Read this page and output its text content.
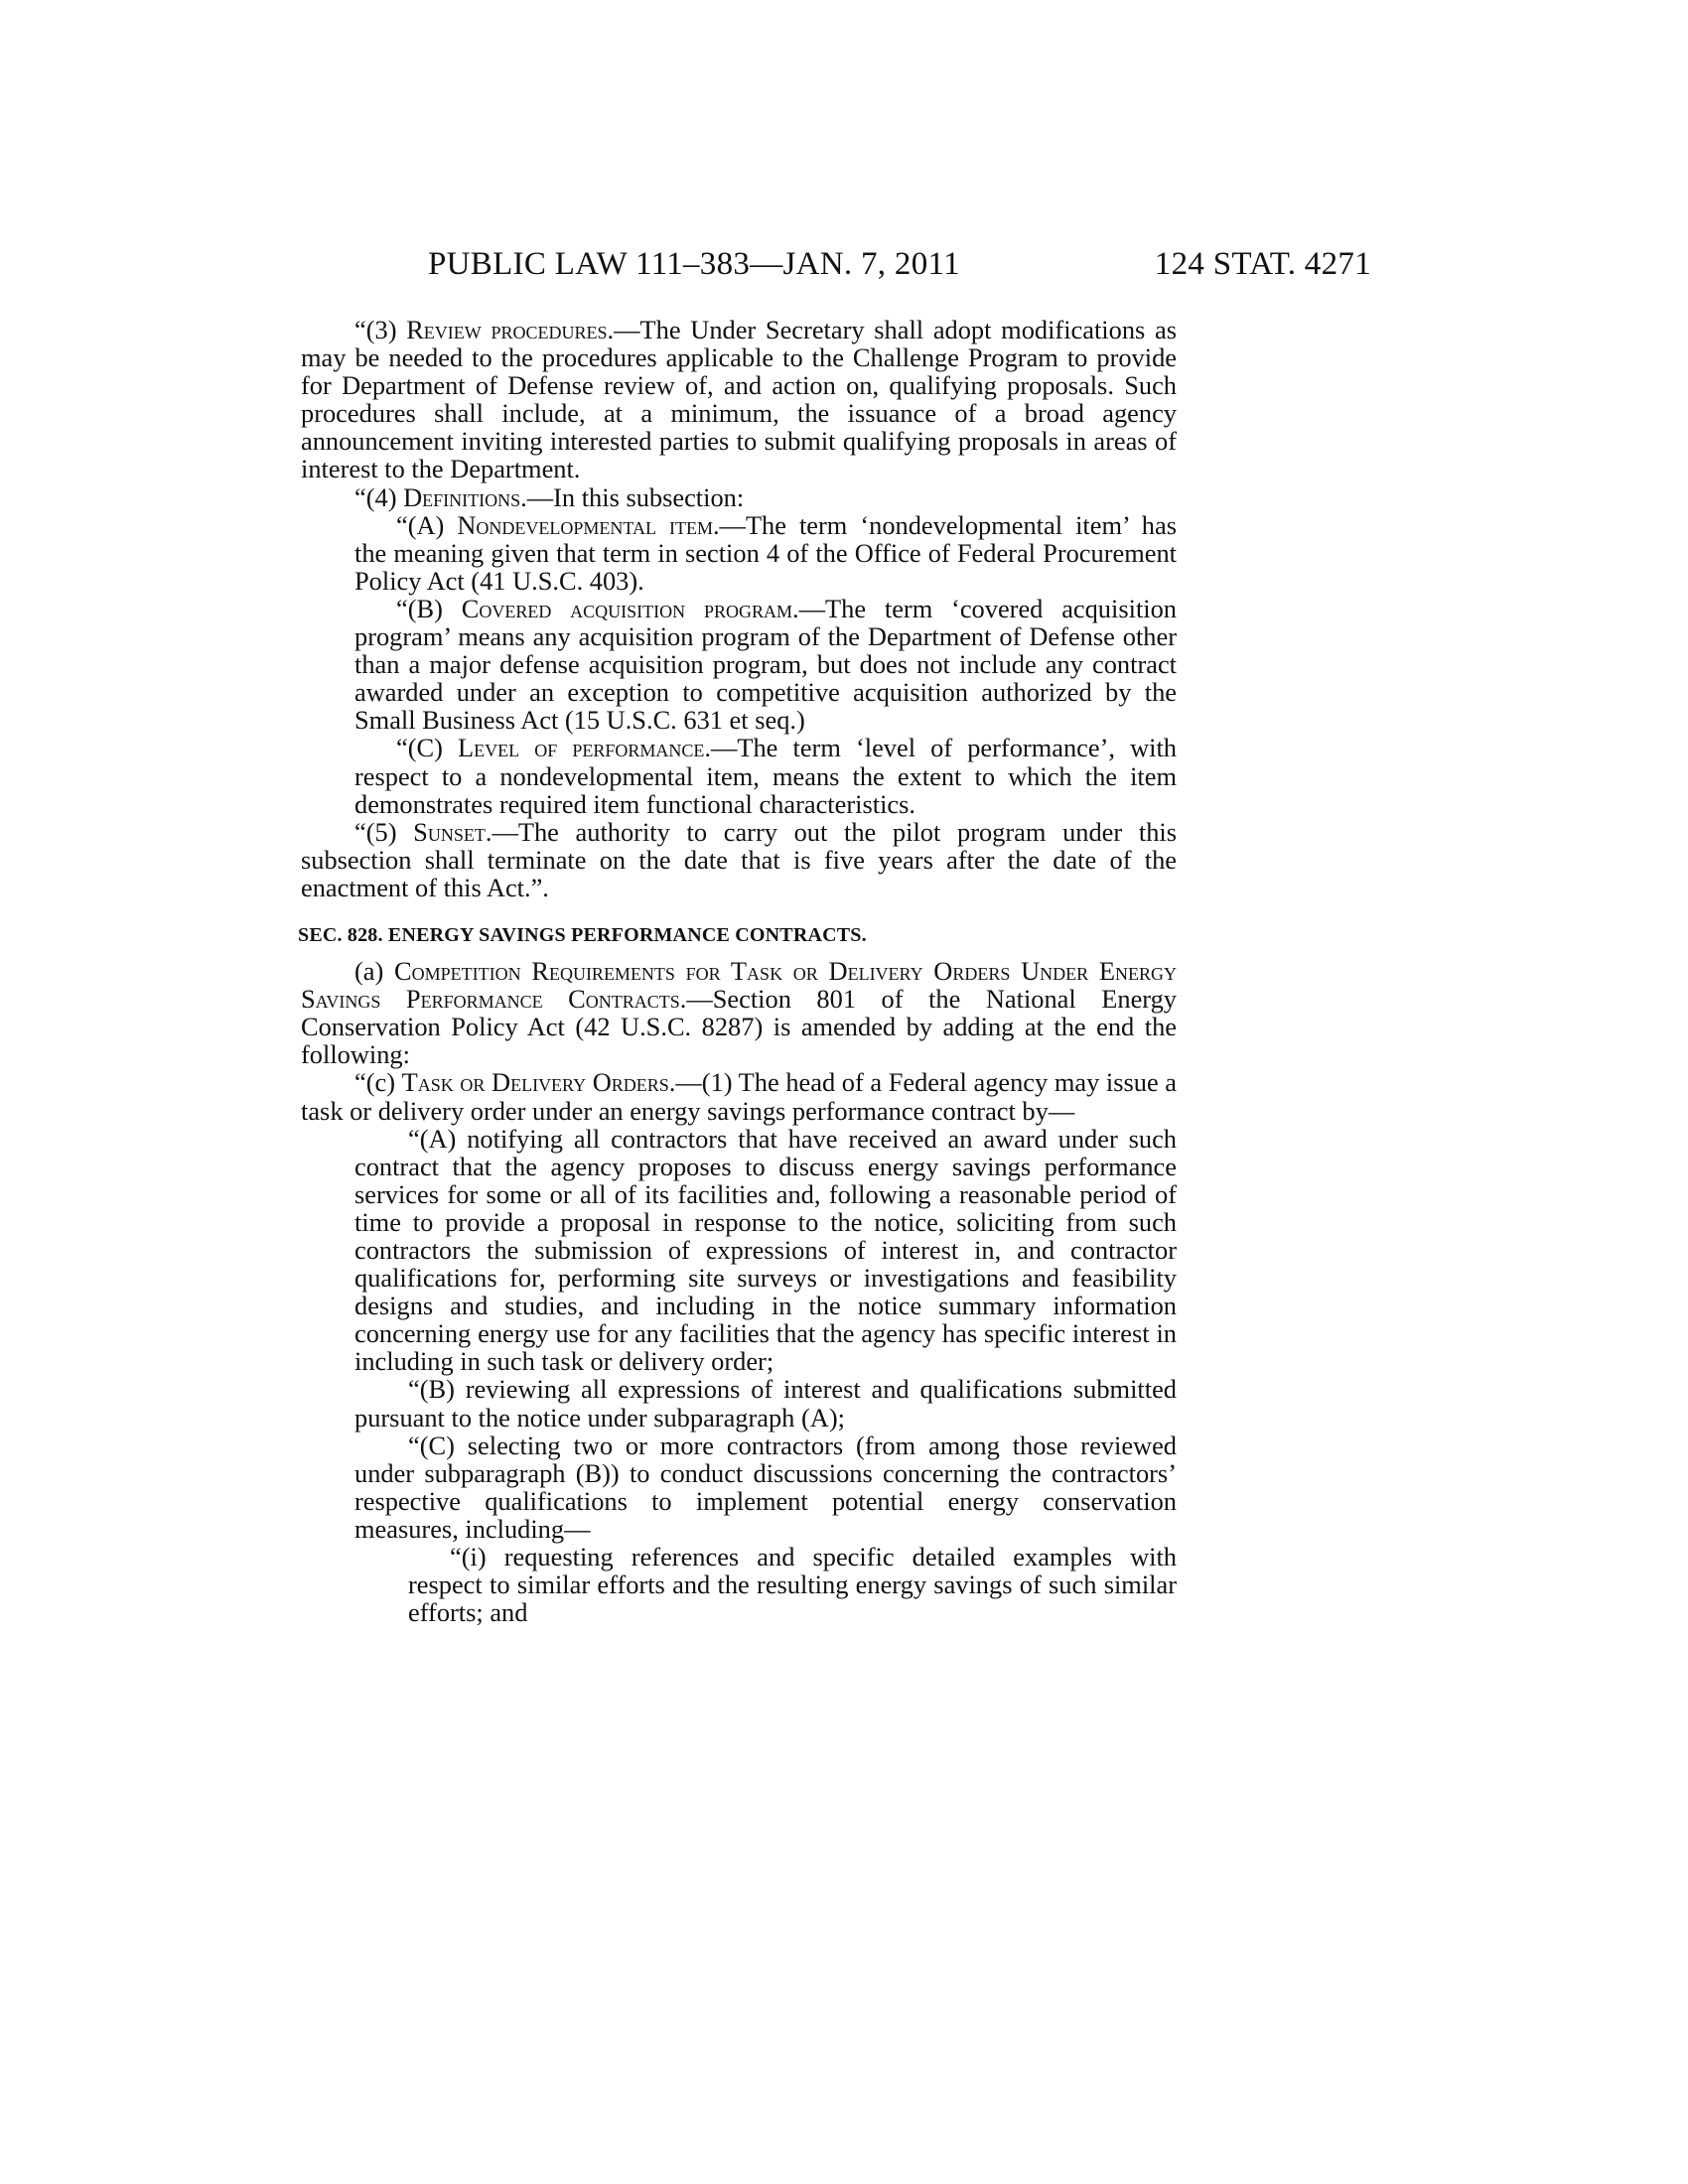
PUBLIC LAW 111–383—JAN. 7, 2011	124 STAT. 4271

“(3) Review procedures.—The Under Secretary shall adopt modifications as may be needed to the procedures applicable to the Challenge Program to provide for Department of Defense review of, and action on, qualifying proposals. Such procedures shall include, at a minimum, the issuance of a broad agency announcement inviting interested parties to submit qualifying proposals in areas of interest to the Department.

“(4) Definitions.—In this subsection:

“(A) Nondevelopmental item.—The term ‘nondevelopmental item’ has the meaning given that term in section 4 of the Office of Federal Procurement Policy Act (41 U.S.C. 403).

“(B) Covered acquisition program.—The term ‘covered acquisition program’ means any acquisition program of the Department of Defense other than a major defense acquisition program, but does not include any contract awarded under an exception to competitive acquisition authorized by the Small Business Act (15 U.S.C. 631 et seq.)

“(C) Level of performance.—The term ‘level of performance’, with respect to a nondevelopmental item, means the extent to which the item demonstrates required item functional characteristics.

“(5) Sunset.—The authority to carry out the pilot program under this subsection shall terminate on the date that is five years after the date of the enactment of this Act.”.

SEC. 828. ENERGY SAVINGS PERFORMANCE CONTRACTS.

(a) Competition Requirements for Task or Delivery Orders Under Energy Savings Performance Contracts.—Section 801 of the National Energy Conservation Policy Act (42 U.S.C. 8287) is amended by adding at the end the following:

“(c) Task or Delivery Orders.—(1) The head of a Federal agency may issue a task or delivery order under an energy savings performance contract by—

“(A) notifying all contractors that have received an award under such contract that the agency proposes to discuss energy savings performance services for some or all of its facilities and, following a reasonable period of time to provide a proposal in response to the notice, soliciting from such contractors the submission of expressions of interest in, and contractor qualifications for, performing site surveys or investigations and feasibility designs and studies, and including in the notice summary information concerning energy use for any facilities that the agency has specific interest in including in such task or delivery order;

“(B) reviewing all expressions of interest and qualifications submitted pursuant to the notice under subparagraph (A);

“(C) selecting two or more contractors (from among those reviewed under subparagraph (B)) to conduct discussions concerning the contractors’ respective qualifications to implement potential energy conservation measures, including—

“(i) requesting references and specific detailed examples with respect to similar efforts and the resulting energy savings of such similar efforts; and
